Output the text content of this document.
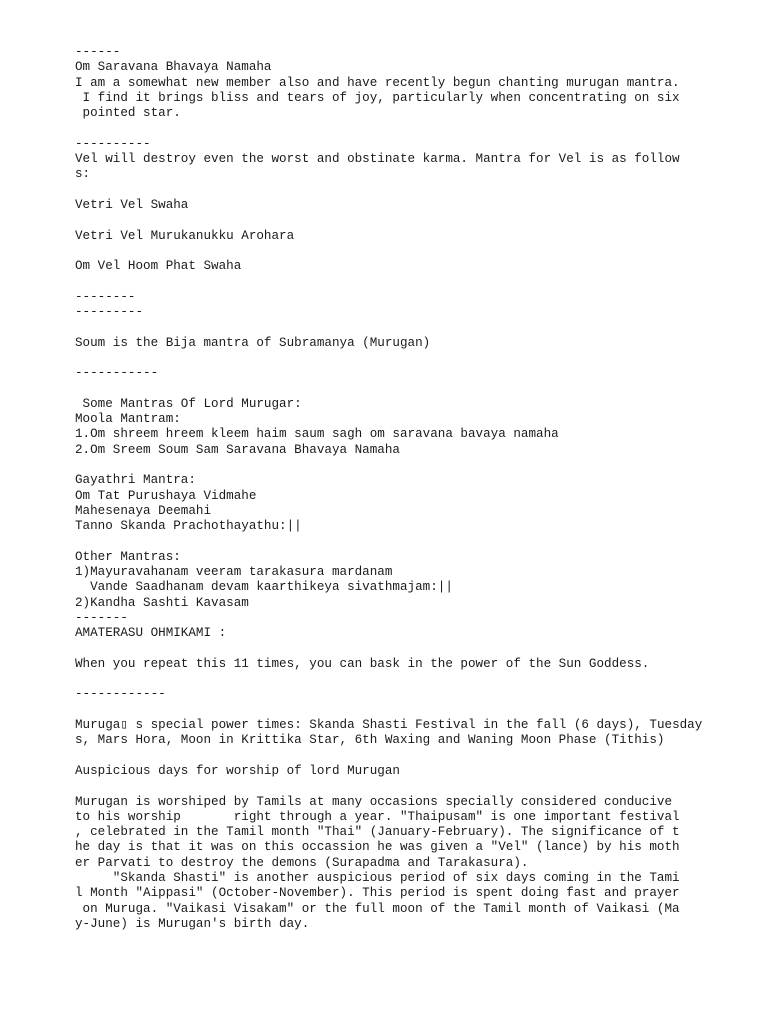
------
Om Saravana Bhavaya Namaha
I am a somewhat new member also and have recently begun chanting murugan mantra.
I find it brings bliss and tears of joy, particularly when concentrating on six
pointed star.
----------
Vel will destroy even the worst and obstinate karma. Mantra for Vel is as follow
s:
Vetri Vel Swaha
Vetri Vel Murukanukku Arohara
Om Vel Hoom Phat Swaha
--------
---------
Soum is the Bija mantra of Subramanya (Murugan)
-----------
Some Mantras Of Lord Murugar:
Moola Mantram:
1.Om shreem hreem kleem haim saum sagh om saravana bavaya namaha
2.Om Sreem Soum Sam Saravana Bhavaya Namaha
Gayathri Mantra:
Om Tat Purushaya Vidmahe
Mahesenaya Deemahi
Tanno Skanda Prachothayathu:||
Other Mantras:
1)Mayuravahanam veeram tarakasura mardanam
Vande Saadhanam devam kaarthikeya sivathmajam:||
2)Kandha Sashti Kavasam
-------
AMATERASU OHMIKAMI :
When you repeat this 11 times, you can bask in the power of the Sun Goddess.
------------
Muruga▯ s special power times: Skanda Shasti Festival in the fall (6 days), Tuesday
s, Mars Hora, Moon in Krittika Star, 6th Waxing and Waning Moon Phase (Tithis)
Auspicious days for worship of lord Murugan
Murugan is worshiped by Tamils at many occasions specially considered conducive
to his worship       right through a year. "Thaipusam" is one important festival
, celebrated in the Tamil month "Thai" (January-February). The significance of t
he day is that it was on this occassion he was given a "Vel" (lance) by his moth
er Parvati to destroy the demons (Surapadma and Tarakasura).
"Skanda Shasti" is another auspicious period of six days coming in the Tami
l Month "Aippasi" (October-November). This period is spent doing fast and prayer
on Muruga. "Vaikasi Visakam" or the full moon of the Tamil month of Vaikasi (Ma
y-June) is Murugan's birth day.
